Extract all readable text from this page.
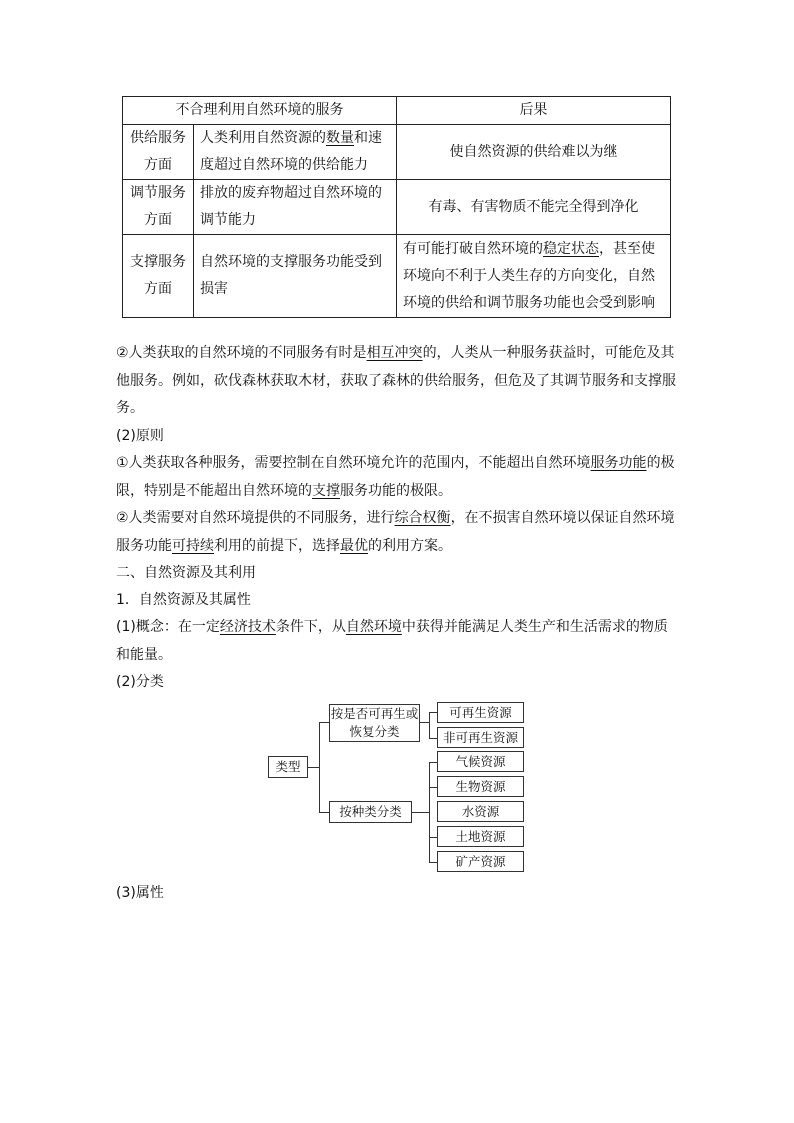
不合理利用自然环境的服务		后果
供给服务方面	人类利用自然资源的数量和速度超过自然环境的供给能力	使自然资源的供给难以为继
调节服务方面	排放的废弃物超过自然环境的调节能力	有毒、有害物质不能完全得到净化
支撑服务方面	自然环境的支撑服务功能受到损害	有可能打破自然环境的稳定状态，甚至使环境向不利于人类生存的方向变化，自然环境的供给和调节服务功能也会受到影响
②人类获取的自然环境的不同服务有时是相互冲突的，人类从一种服务获益时，可能危及其他服务。例如，砍伐森林获取木材，获取了森林的供给服务，但危及了其调节服务和支撑服务。
(2)原则
①人类获取各种服务，需要控制在自然环境允许的范围内，不能超出自然环境服务功能的极限，特别是不能超出自然环境的支撑服务功能的极限。
②人类需要对自然环境提供的不同服务，进行综合权衡，在不损害自然环境以保证自然环境服务功能可持续利用的前提下，选择最优的利用方案。
二、自然资源及其利用
1．自然资源及其属性
(1)概念：在一定经济技术条件下，从自然环境中获得并能满足人类生产和生活需求的物质和能量。
(2)分类
类型
按是否可再生或恢复分类
按种类分类
可再生资源
非可再生资源
气候资源
生物资源
水资源
土地资源
矿产资源
(3)属性
